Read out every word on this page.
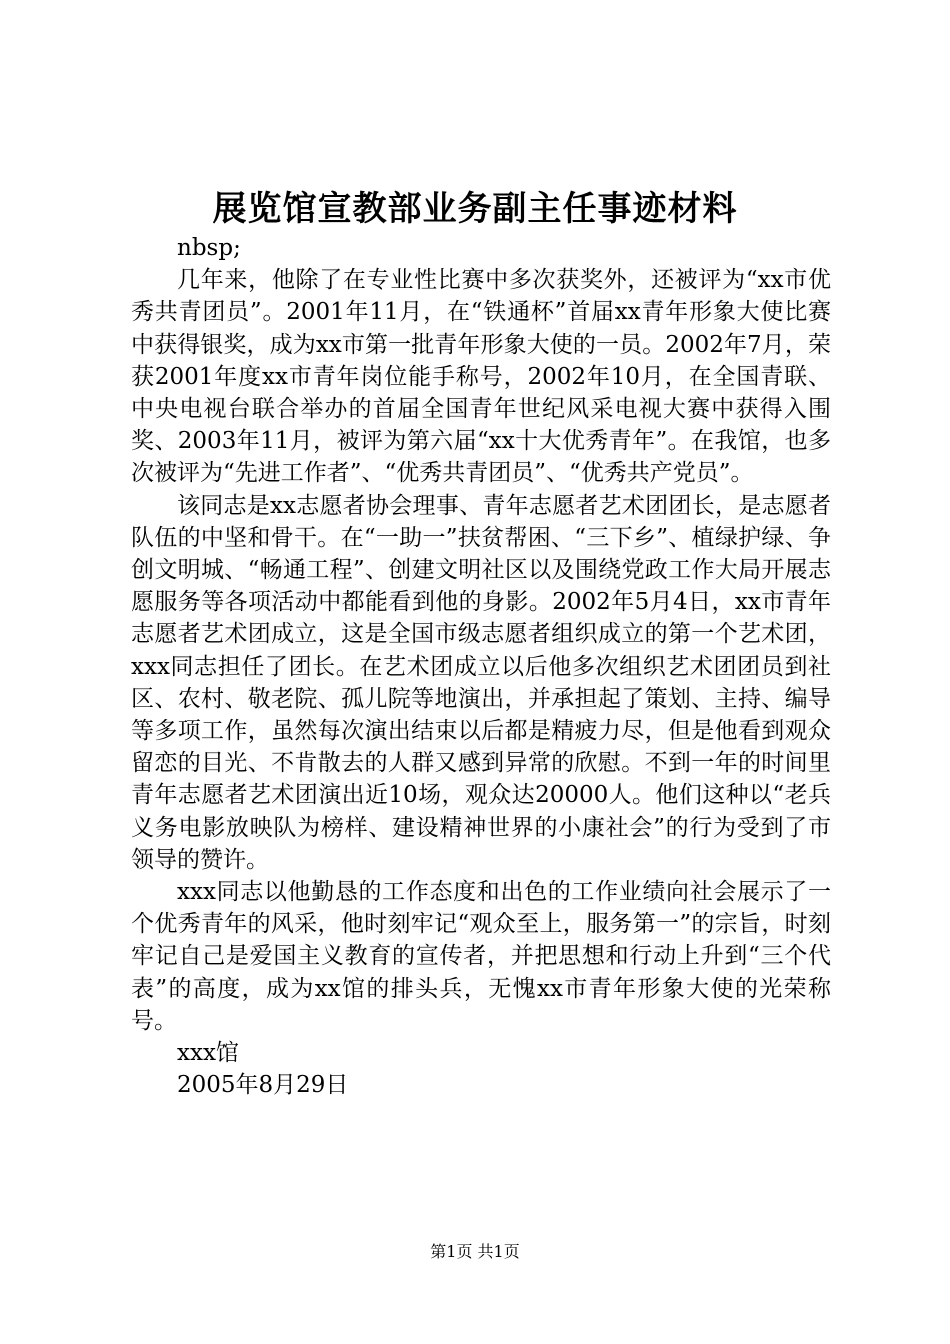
展览馆宣教部业务副主任事迹材料

nbsp;

几年来，他除了在专业性比赛中多次获奖外，还被评为“xx市优秀共青团员”。2001年11月，在“铁通杯”首届xx青年形象大使比赛中获得银奖，成为xx市第一批青年形象大使的一员。2002年7月，荣获2001年度xx市青年岗位能手称号，2002年10月，在全国青联、中央电视台联合举办的首届全国青年世纪风采电视大赛中获得入围奖、2003年11月，被评为第六届“xx十大优秀青年”。在我馆，也多次被评为“先进工作者”、“优秀共青团员”、“优秀共产党员”。

该同志是xx志愿者协会理事、青年志愿者艺术团团长，是志愿者队伍的中坚和骨干。在“一助一”扶贫帮困、“三下乡”、植绿护绿、争创文明城、“畅通工程”、创建文明社区以及围绕党政工作大局开展志愿服务等各项活动中都能看到他的身影。2002年5月4日，xx市青年志愿者艺术团成立，这是全国市级志愿者组织成立的第一个艺术团，xxx同志担任了团长。在艺术团成立以后他多次组织艺术团团员到社区、农村、敬老院、孤儿院等地演出，并承担起了策划、主持、编导等多项工作，虽然每次演出结束以后都是精疲力尽，但是他看到观众留恋的目光、不肯散去的人群又感到异常的欣慰。不到一年的时间里青年志愿者艺术团演出近10场，观众达20000人。他们这种以“老兵义务电影放映队为榜样、建设精神世界的小康社会”的行为受到了市领导的赞许。

xxx同志以他勤恳的工作态度和出色的工作业绩向社会展示了一个优秀青年的风采，他时刻牢记“观众至上，服务第一”的宗旨，时刻牢记自己是爱国主义教育的宣传者，并把思想和行动上升到“三个代表”的高度，成为xx馆的排头兵，无愧xx市青年形象大使的光荣称号。

xxx馆

2005年8月29日

第1页 共1页
